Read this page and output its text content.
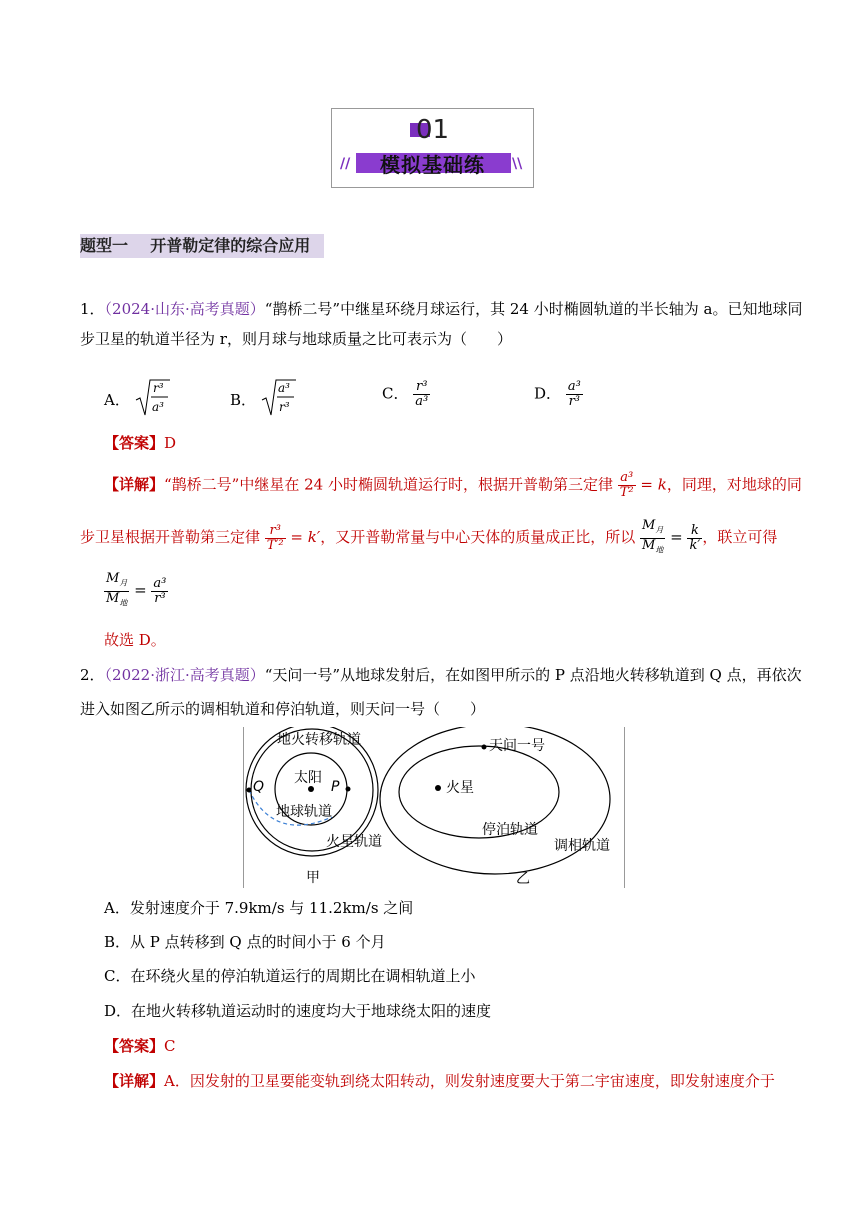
01
//	模拟基础练	\\
题型一    开普勒定律的综合应用
1．（2024·山东·高考真题）“鹊桥二号”中继星环绕月球运行，其 24 小时椭圆轨道的半长轴为 a。已知地球同
步卫星的轨道半径为 r，则月球与地球质量之比可表示为（　　）
A．
r³
a³	B．
a³
r³
C． $\frac{\text{r³}}{\text{a³}}$	D． $\frac{\text{a³}}{\text{r³}}$
【答案】D
【详解】“鹊桥二号”中继星在 24 小时椭圆轨道运行时，根据开普勒第三定律 $\frac{\text{a³}}{\text{T²}} = k$，同理，对地球的同
步卫星根据开普勒第三定律 $\frac{\text{r³}}{\text{T′²}} = k'$，又开普勒常量与中心天体的质量成正比，所以 $\frac{M_月}{M_地} = \frac{k}{k'}$ ，联立可得
$\frac{M_月}{M_地} = \frac{\text{a³}}{\text{r³}}$
故选 D。
2．（2022·浙江·高考真题）“天问一号”从地球发射后，在如图甲所示的 P 点沿地火转移轨道到 Q 点，再依次
进入如图乙所示的调相轨道和停泊轨道，则天问一号（　　）
地火转移轨道
太阳
Q	P
地球轨道
火星轨道
甲
天问一号
火星
停泊轨道
调相轨道
乙
A．发射速度介于 7.9km/s 与 11.2km/s 之间
B．从 P 点转移到 Q 点的时间小于 6 个月
C．在环绕火星的停泊轨道运行的周期比在调相轨道上小
D．在地火转移轨道运动时的速度均大于地球绕太阳的速度
【答案】C
【详解】A．因发射的卫星要能变轨到绕太阳转动，则发射速度要大于第二宇宙速度，即发射速度介于
